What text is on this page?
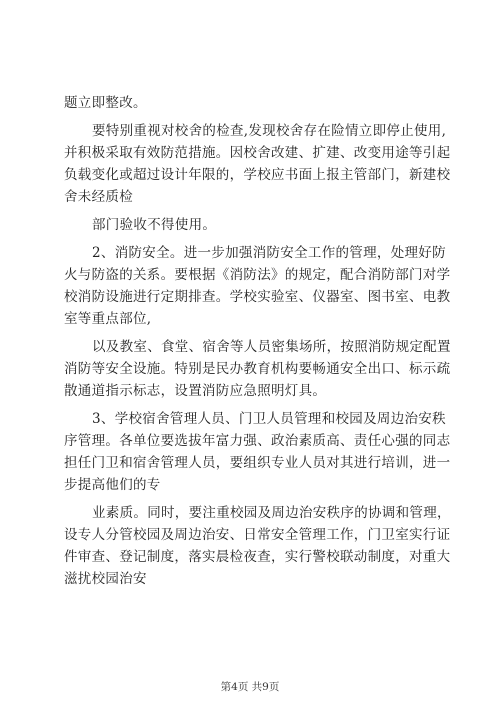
题立即整改。
要特别重视对校舍的检查,发现校舍存在险情立即停止使用,
并积极采取有效防范措施。因校舍改建、扩建、改变用途等引起
负载变化或超过设计年限的，学校应书面上报主管部门，新建校
舍未经质检
部门验收不得使用。
2、消防安全。进一步加强消防安全工作的管理，处理好防
火与防盗的关系。要根据《消防法》的规定，配合消防部门对学
校消防设施进行定期排查。学校实验室、仪器室、图书室、电教
室等重点部位,
以及教室、食堂、宿舍等人员密集场所，按照消防规定配置
消防等安全设施。特别是民办教育机构要畅通安全出口、标示疏
散通道指示标志，设置消防应急照明灯具。
3、学校宿舍管理人员、门卫人员管理和校园及周边治安秩
序管理。各单位要选拔年富力强、政治素质高、责任心强的同志
担任门卫和宿舍管理人员，要组织专业人员对其进行培训，进一
步提高他们的专
业素质。同时，要注重校园及周边治安秩序的协调和管理，
设专人分管校园及周边治安、日常安全管理工作，门卫室实行证
件审查、登记制度，落实晨检夜查，实行警校联动制度，对重大
滋扰校园治安
第4页 共9页
